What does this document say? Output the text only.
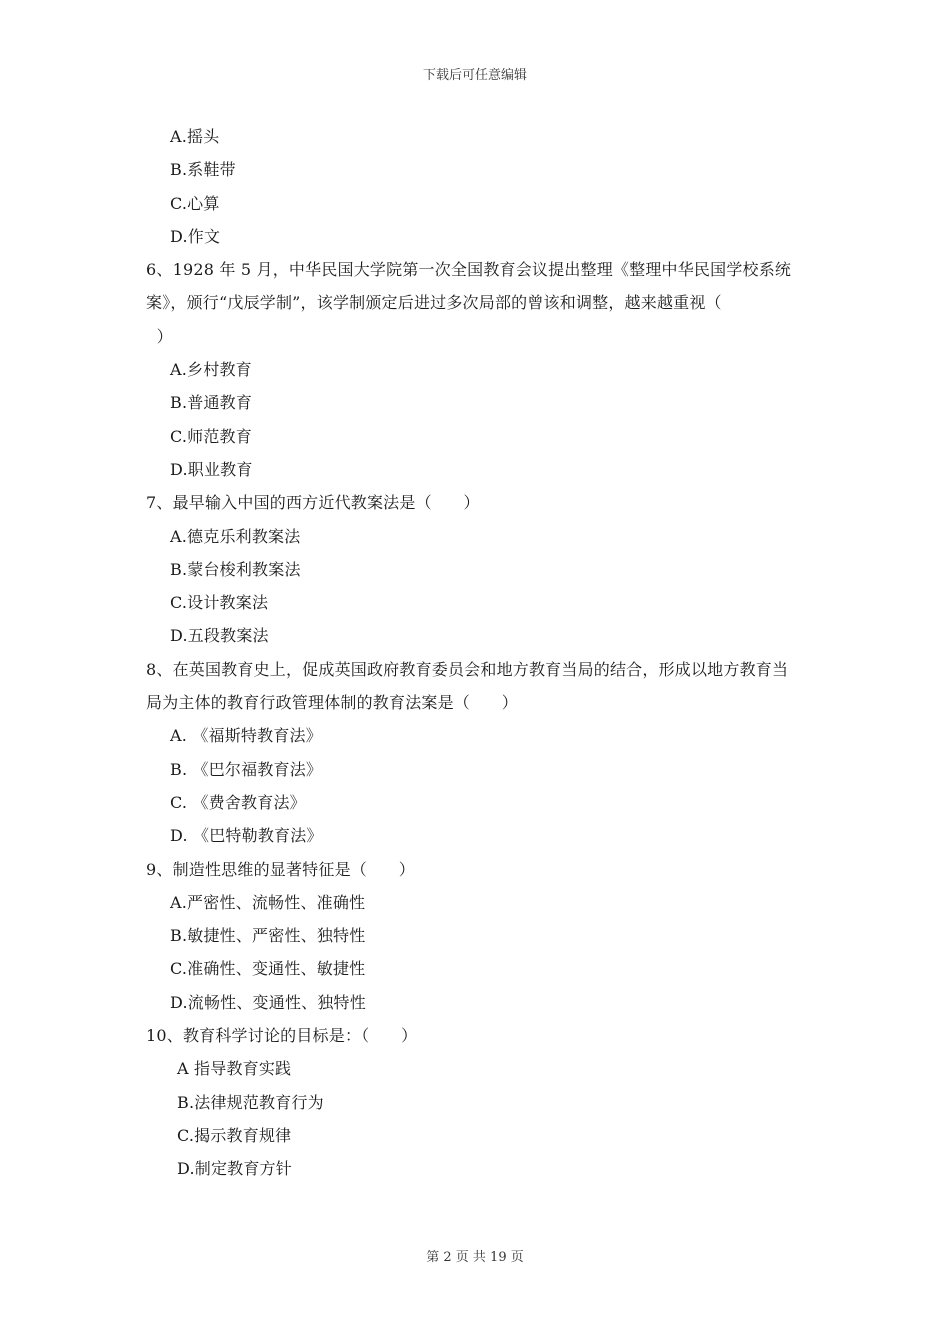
下载后可任意编辑
A.摇头
B.系鞋带
C.心算
D.作文
6、1928 年 5 月，中华民国大学院第一次全国教育会议提出整理《整理中华民国学校系统
案》，颁行“戊辰学制”，该学制颁定后进过多次局部的曾该和调整，越来越重视（
）
A.乡村教育
B.普通教育
C.师范教育
D.职业教育
7、最早输入中国的西方近代教案法是（      ）
A.德克乐利教案法
B.蒙台梭利教案法
C.设计教案法
D.五段教案法
8、在英国教育史上，促成英国政府教育委员会和地方教育当局的结合，形成以地方教育当
局为主体的教育行政管理体制的教育法案是（      ）
A. 《福斯特教育法》
B. 《巴尔福教育法》
C. 《费舍教育法》
D. 《巴特勒教育法》
9、制造性思维的显著特征是（      ）
A.严密性、流畅性、准确性
B.敏捷性、严密性、独特性
C.准确性、变通性、敏捷性
D.流畅性、变通性、独特性
10、教育科学讨论的目标是：（      ）
A 指导教育实践
B.法律规范教育行为
C.揭示教育规律
D.制定教育方针
第 2 页 共 19 页
